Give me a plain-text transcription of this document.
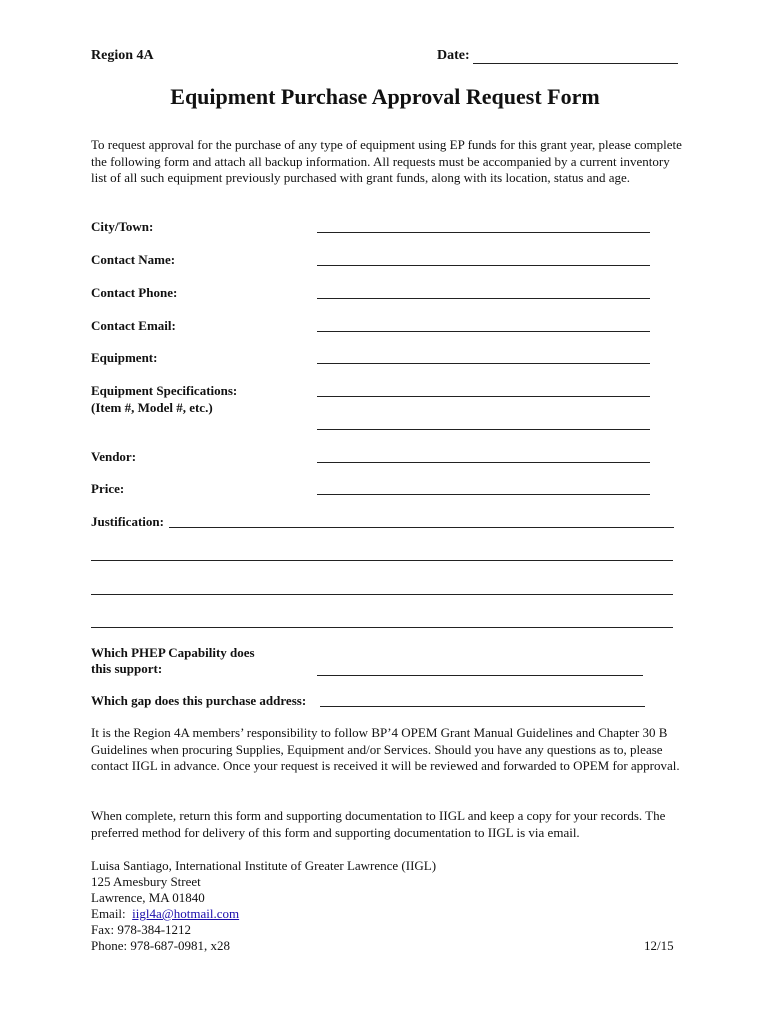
Region 4A	Date:
Equipment Purchase Approval Request Form
To request approval for the purchase of any type of equipment using EP funds for this grant year, please complete the following form and attach all backup information. All requests must be accompanied by a current inventory list of all such equipment previously purchased with grant funds, along with its location, status and age.
City/Town:
Contact Name:
Contact Phone:
Contact Email:
Equipment:
Equipment Specifications:
(Item #, Model #, etc.)
Vendor:
Price:
Justification:
Which PHEP Capability does
this support:
Which gap does this purchase address:
It is the Region 4A members’ responsibility to follow BP’4 OPEM Grant Manual Guidelines and Chapter 30 B Guidelines when procuring Supplies, Equipment and/or Services. Should you have any questions as to, please contact IIGL in advance. Once your request is received it will be reviewed and forwarded to OPEM for approval.
When complete, return this form and supporting documentation to IIGL and keep a copy for your records. The preferred method for delivery of this form and supporting documentation to IIGL is via email.
Luisa Santiago, International Institute of Greater Lawrence (IIGL)
125 Amesbury Street
Lawrence, MA 01840
Email: iigl4a@hotmail.com
Fax: 978-384-1212
Phone: 978-687-0981, x28	12/15
